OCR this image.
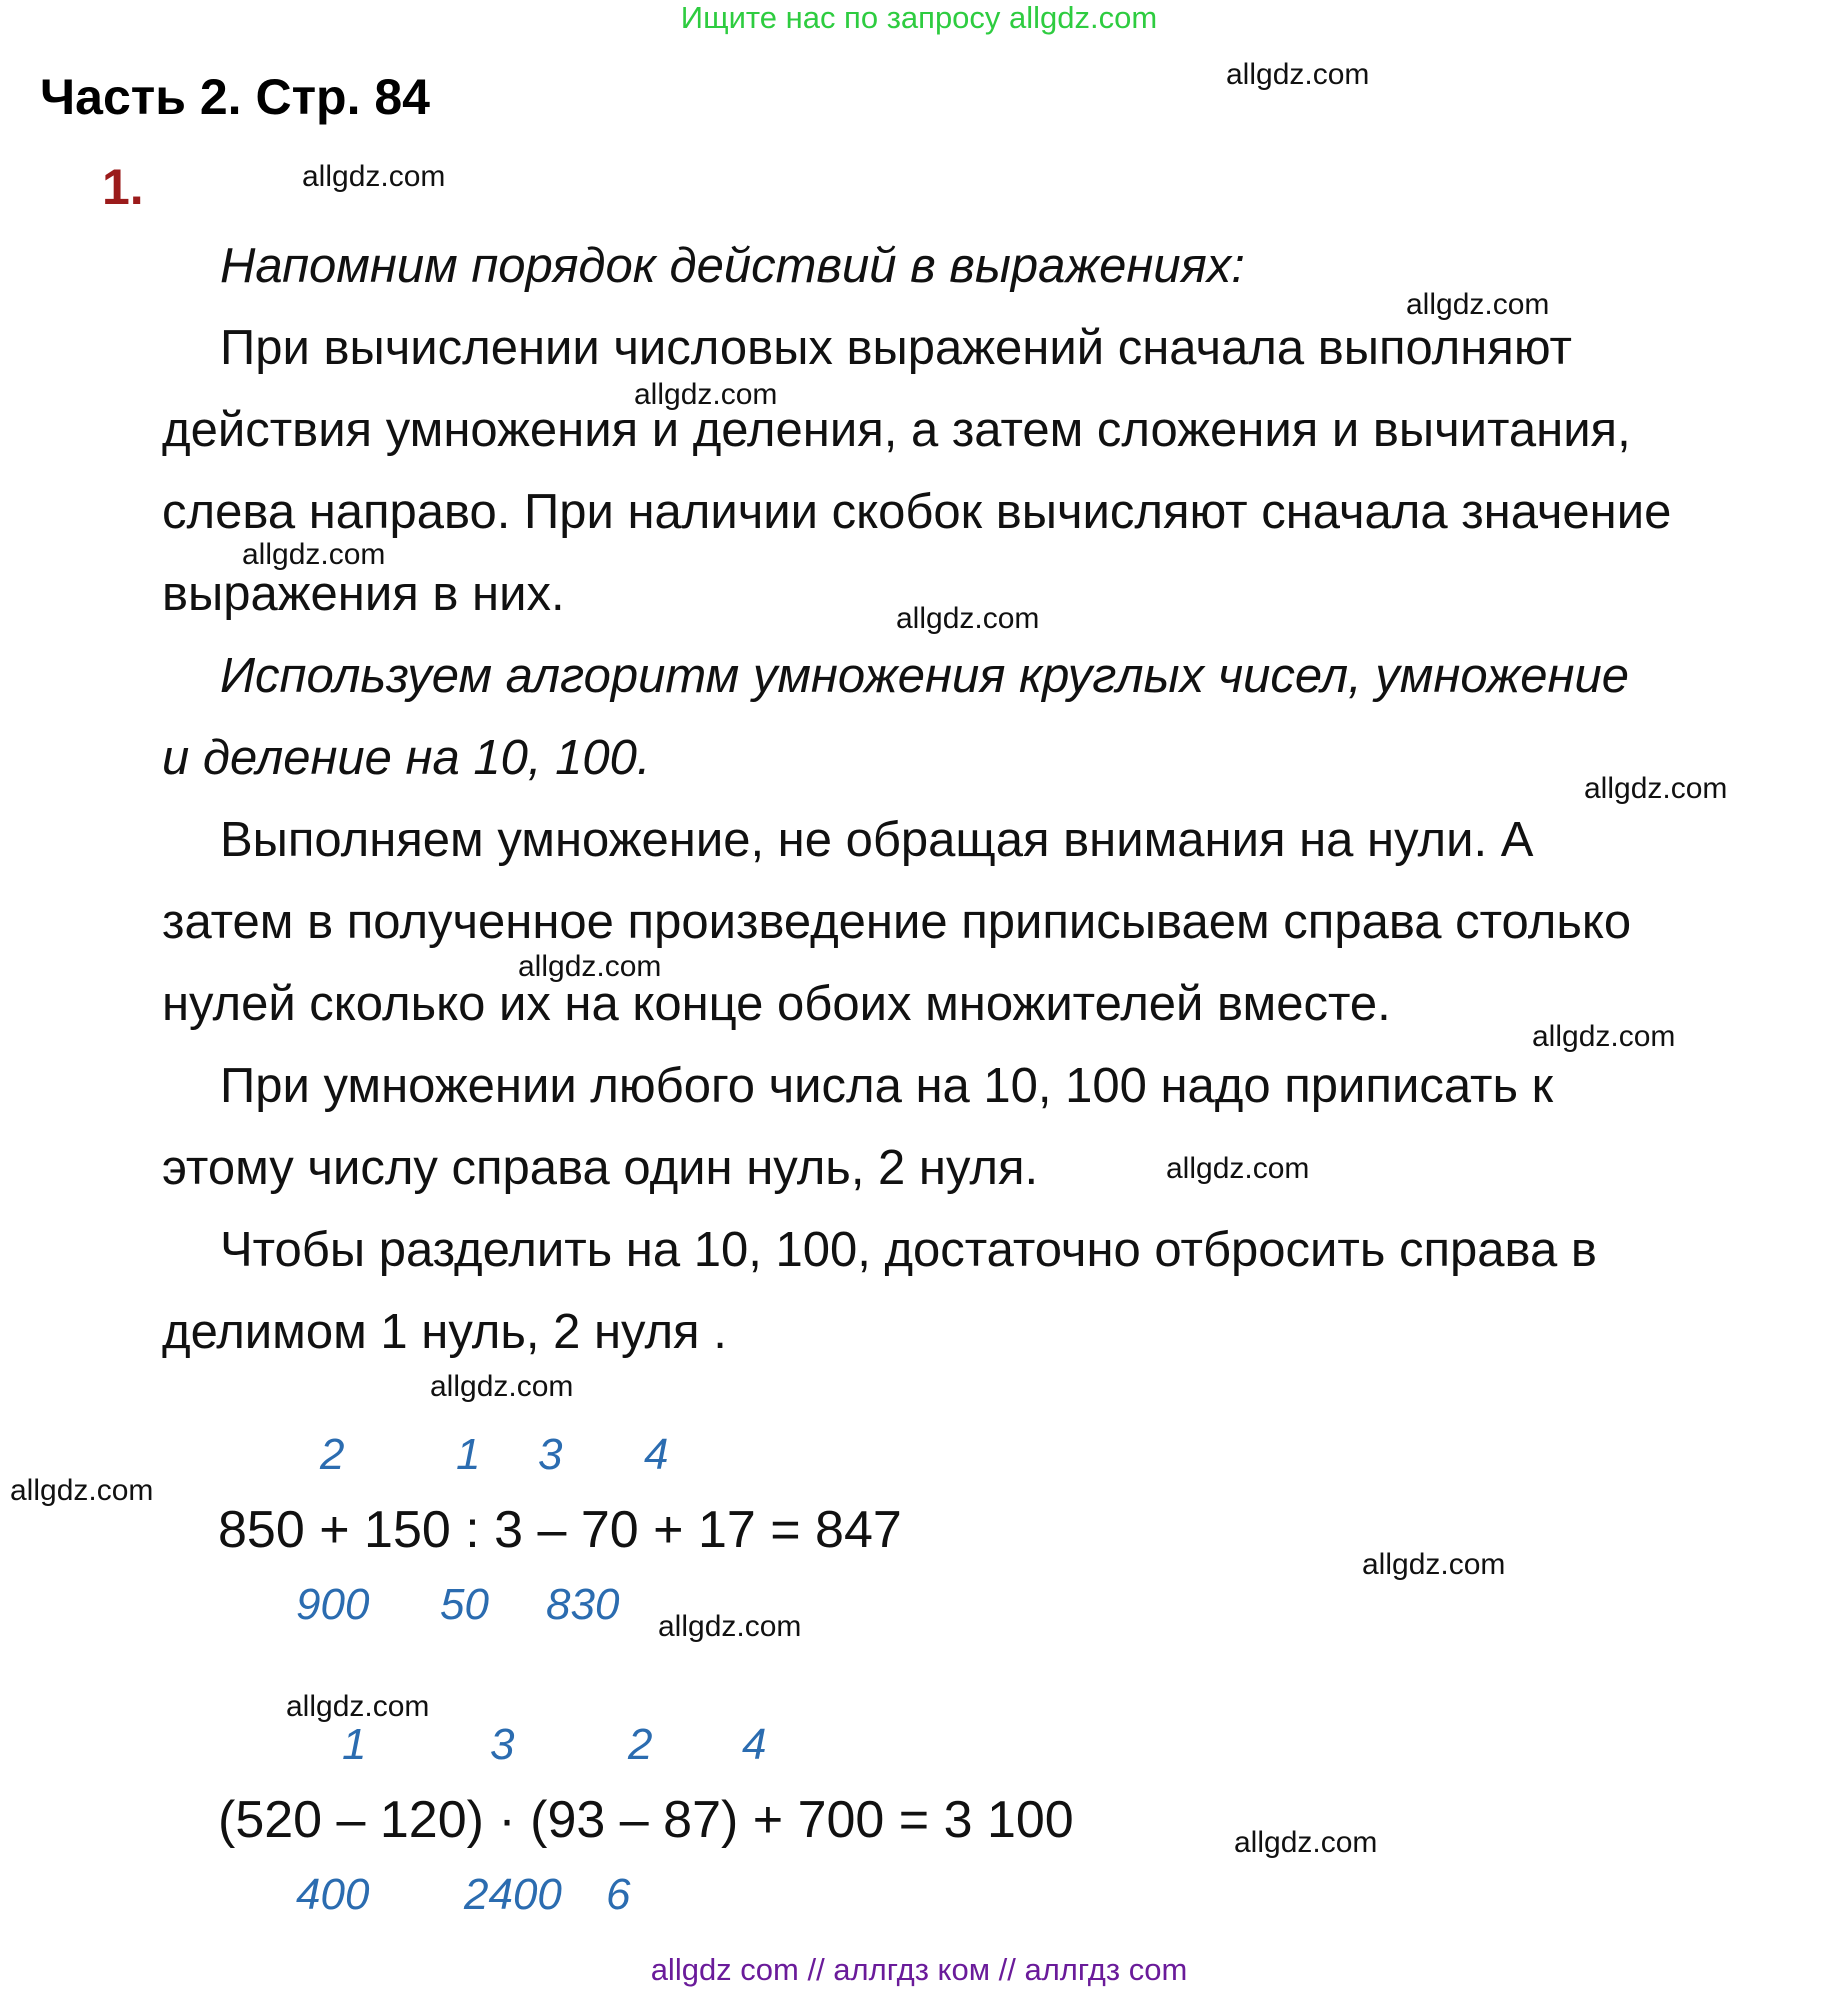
Ищите нас по запросу allgdz.com
Часть 2. Стр. 84
1.
allgdz.com
allgdz.com
allgdz.com
allgdz.com
allgdz.com
allgdz.com
allgdz.com
allgdz.com
allgdz.com
allgdz.com
allgdz.com
allgdz.com
allgdz.com
allgdz.com
allgdz.com
allgdz.com
Напомним порядок действий в выражениях:
При вычислении числовых выражений сначала выполняют
действия умножения и деления, а затем сложения и вычитания,
слева направо. При наличии скобок вычисляют сначала значение
выражения в них.
Используем алгоритм умножения круглых чисел, умножение
и деление на 10, 100.
Выполняем умножение, не обращая внимания на нули. А
затем в полученное произведение приписываем справа столько
нулей сколько их на конце обоих множителей вместе.
При умножении любого числа на 10, 100 надо приписать к
этому числу справа один нуль, 2 нуля.
Чтобы разделить на 10, 100, достаточно отбросить справа в
делимом 1 нуль, 2 нуля .
2	1 3 4
850 + 150 : 3 – 70 + 17 = 847
900 50 830
1	3	2 4
(520 – 120) · (93 – 87) + 700 = 3 100
400 2400 6
allgdz com // аллгдз ком // аллгдз com
